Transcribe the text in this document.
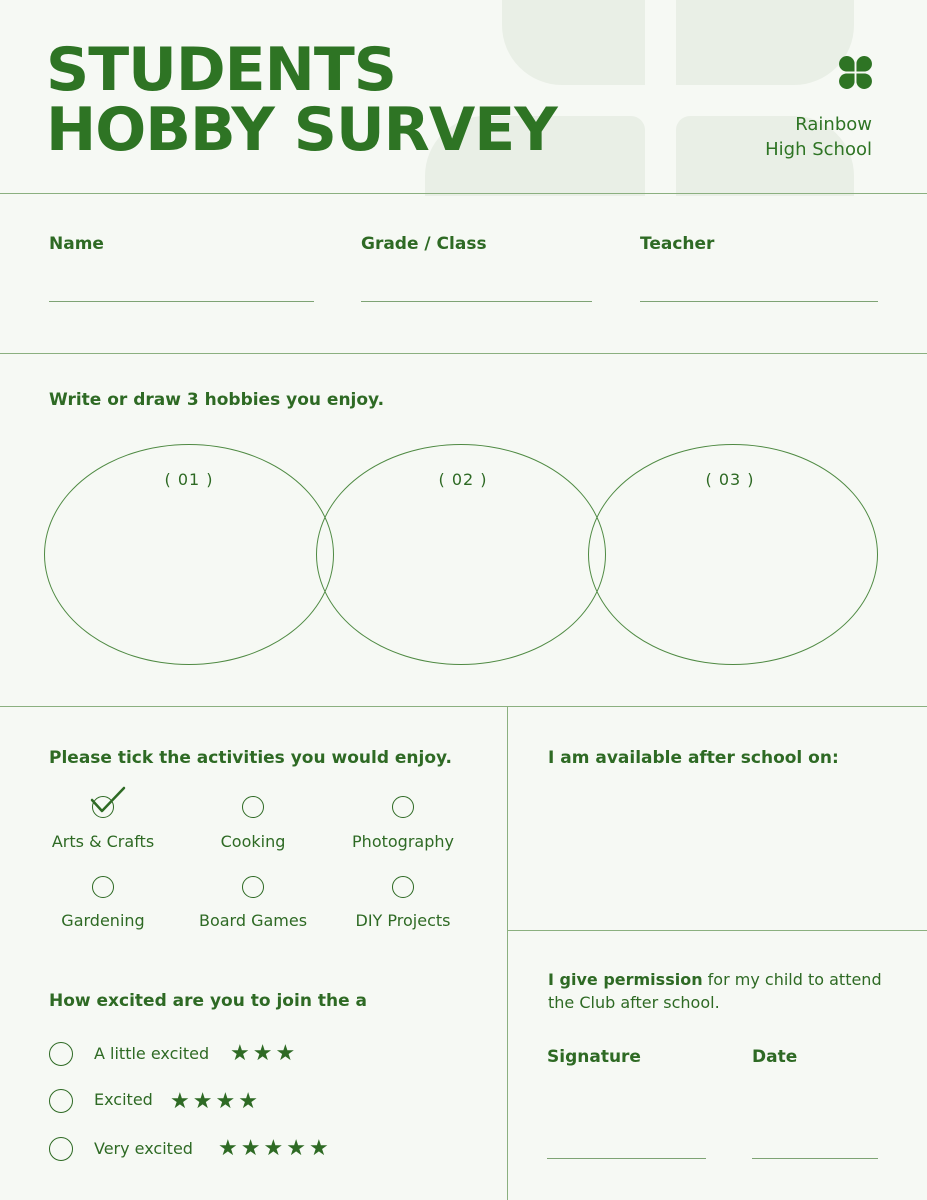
STUDENTS
HOBBY SURVEY	Rainbow
High School
Name	Grade / Class	Teacher
Write or draw 3 hobbies you enjoy.
( 01 )	( 02 )	( 03 )
Please tick the activities you would enjoy.
Arts & Crafts	Cooking	Photography
Gardening	Board Games	DIY Projects
How excited are you to join the a
A little excited ★★★
Excited ★★★★
Very excited ★★★★★
I am available after school on:
I give permission for my child to attend the Club after school.
Signature	Date
